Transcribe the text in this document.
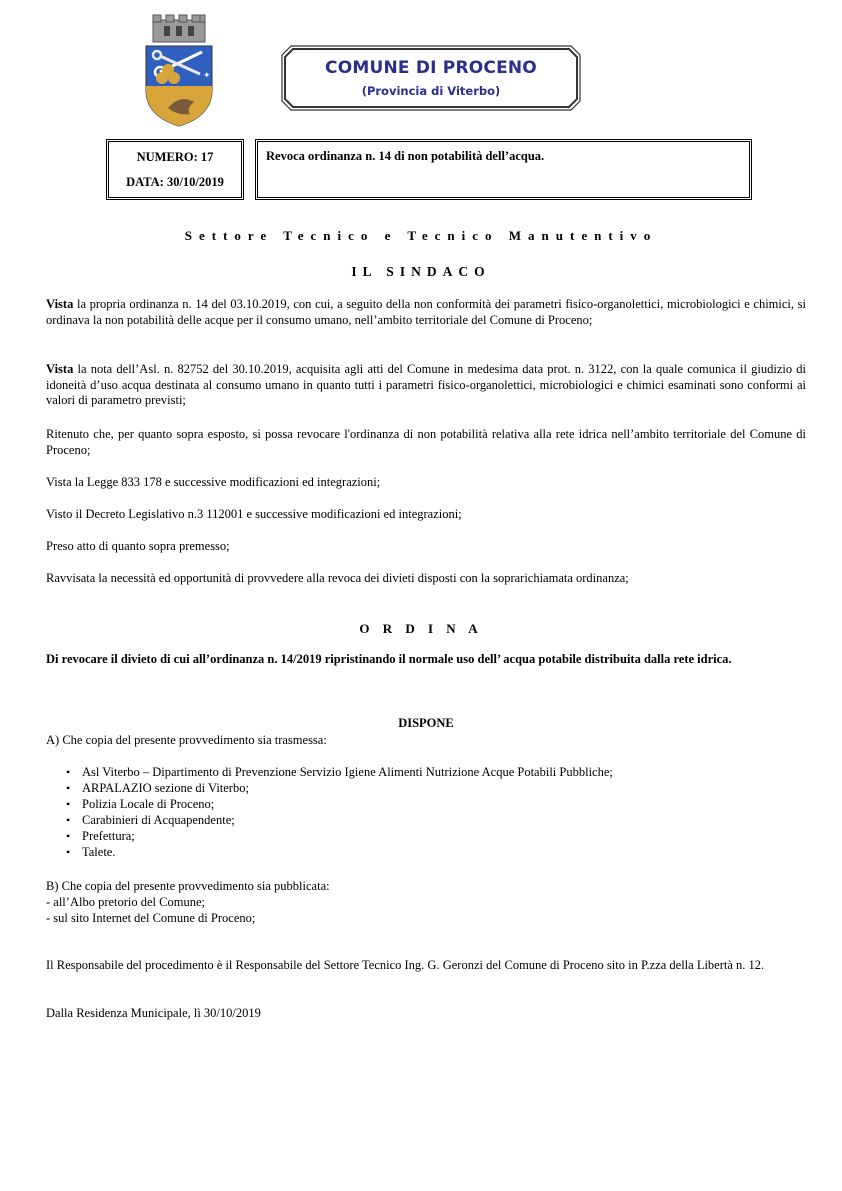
✦	COMUNE DI PROCENO
(Provincia di Viterbo)
NUMERO: 17
DATA: 30/10/2019
Revoca ordinanza n. 14 di non potabilità dell’acqua.
Settore Tecnico e Tecnico Manutentivo
IL SINDACO

Vista la propria ordinanza n. 14 del 03.10.2019, con cui, a seguito della non conformità dei parametri fisico-organolettici, microbiologici e chimici, si ordinava la non potabilità delle acque per il consumo umano, nell’ambito territoriale del Comune di Proceno;

Vista la nota dell’Asl. n. 82752 del 30.10.2019, acquisita agli atti del Comune in medesima data prot. n. 3122, con la quale comunica il giudizio di idoneità d’uso acqua destinata al consumo umano in quanto tutti i parametri fisico-organolettici, microbiologici e chimici esaminati sono conformi ai valori di parametro previsti;

Ritenuto che, per quanto sopra esposto, si possa revocare l'ordinanza di non potabilità relativa alla rete idrica nell’ambito territoriale del Comune di Proceno;

Vista la Legge 833 178 e successive modificazioni ed integrazioni;

Visto il Decreto Legislativo n.3 112001 e successive modificazioni ed integrazioni;

Preso atto di quanto sopra premesso;

Ravvisata la necessità ed opportunità di provvedere alla revoca dei divieti disposti con la soprarichiamata ordinanza;

O R D I N A

Di revocare il divieto di cui all’ordinanza n. 14/2019 ripristinando il normale uso dell’ acqua potabile distribuita dalla rete idrica.

DISPONE
A) Che copia del presente provvedimento sia trasmessa:
• Asl Viterbo – Dipartimento di Prevenzione Servizio Igiene Alimenti Nutrizione Acque Potabili Pubbliche;
• ARPALAZIO sezione di Viterbo;
• Polizia Locale di Proceno;
• Carabinieri di Acquapendente;
• Prefettura;
• Talete.
B) Che copia del presente provvedimento sia pubblicata:
- all’Albo pretorio del Comune;
- sul sito Internet del Comune di Proceno;

Il Responsabile del procedimento è il Responsabile del Settore Tecnico Ing. G. Geronzi del Comune di Proceno sito in P.zza della Libertà n. 12.

Dalla Residenza Municipale, lì 30/10/2019
